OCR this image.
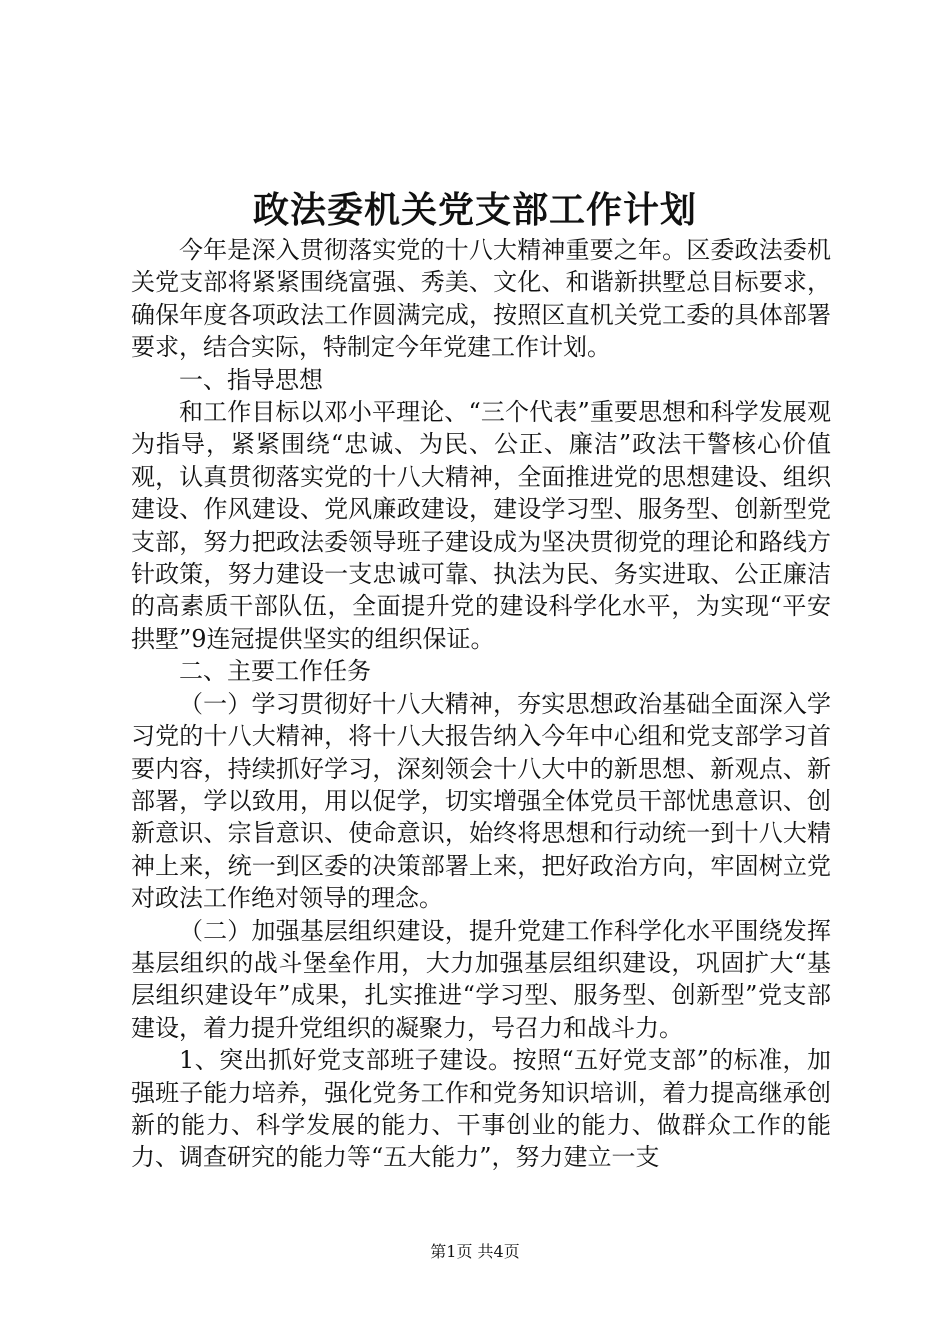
政法委机关党支部工作计划

今年是深入贯彻落实党的十八大精神重要之年。区委政法委机关党支部将紧紧围绕富强、秀美、文化、和谐新拱墅总目标要求，确保年度各项政法工作圆满完成，按照区直机关党工委的具体部署要求，结合实际，特制定今年党建工作计划。

一、指导思想

和工作目标以邓小平理论、“三个代表”重要思想和科学发展观为指导，紧紧围绕“忠诚、为民、公正、廉洁”政法干警核心价值观，认真贯彻落实党的十八大精神，全面推进党的思想建设、组织建设、作风建设、党风廉政建设，建设学习型、服务型、创新型党支部，努力把政法委领导班子建设成为坚决贯彻党的理论和路线方针政策，努力建设一支忠诚可靠、执法为民、务实进取、公正廉洁的高素质干部队伍，全面提升党的建设科学化水平，为实现“平安拱墅”9连冠提供坚实的组织保证。

二、主要工作任务

（一）学习贯彻好十八大精神，夯实思想政治基础全面深入学习党的十八大精神，将十八大报告纳入今年中心组和党支部学习首要内容，持续抓好学习，深刻领会十八大中的新思想、新观点、新部署，学以致用，用以促学，切实增强全体党员干部忧患意识、创新意识、宗旨意识、使命意识，始终将思想和行动统一到十八大精神上来，统一到区委的决策部署上来，把好政治方向，牢固树立党对政法工作绝对领导的理念。

（二）加强基层组织建设，提升党建工作科学化水平围绕发挥基层组织的战斗堡垒作用，大力加强基层组织建设，巩固扩大“基层组织建设年”成果，扎实推进“学习型、服务型、创新型”党支部建设，着力提升党组织的凝聚力，号召力和战斗力。

1、突出抓好党支部班子建设。按照“五好党支部”的标准，加强班子能力培养，强化党务工作和党务知识培训，着力提高继承创新的能力、科学发展的能力、干事创业的能力、做群众工作的能力、调查研究的能力等“五大能力”，努力建立一支

第1页 共4页
